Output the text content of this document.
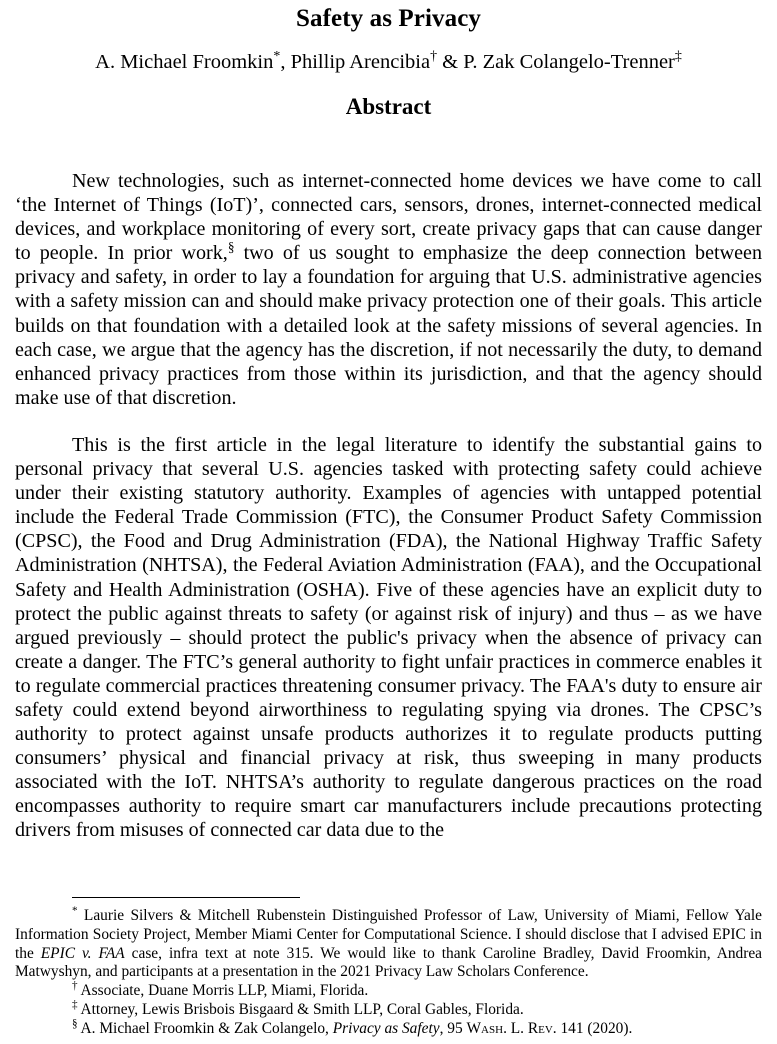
Safety as Privacy
A. Michael Froomkin*, Phillip Arencibia† & P. Zak Colangelo-Trenner‡
Abstract

New technologies, such as internet‐connected home devices we have come to call ‘the Internet of Things (IoT)’, connected cars, sensors, drones, internet‐connected medical devices, and workplace monitoring of every sort, create privacy gaps that can cause danger to people. In prior work,§ two of us sought to emphasize the deep connection between privacy and safety, in order to lay a foundation for arguing that U.S. administrative agencies with a safety mission can and should make privacy protection one of their goals. This article builds on that foundation with a detailed look at the safety missions of several agencies. In each case, we argue that the agency has the discretion, if not necessarily the duty, to demand enhanced privacy practices from those within its jurisdiction, and that the agency should make use of that discretion.

This is the first article in the legal literature to identify the substantial gains to personal privacy that several U.S. agencies tasked with protecting safety could achieve under their existing statutory authority. Examples of agencies with untapped potential include the Federal Trade Commission (FTC), the Consumer Product Safety Commission (CPSC), the Food and Drug Administration (FDA), the National Highway Traffic Safety Administration (NHTSA), the Federal Aviation Administration (FAA), and the Occupational Safety and Health Administration (OSHA). Five of these agencies have an explicit duty to protect the public against threats to safety (or against risk of injury) and thus – as we have argued previously – should protect the public's privacy when the absence of privacy can create a danger. The FTC’s general authority to fight unfair practices in commerce enables it to regulate commercial practices threatening consumer privacy. The FAA's duty to ensure air safety could extend beyond airworthiness to regulating spying via drones. The CPSC’s authority to protect against unsafe products authorizes it to regulate products putting consumers’ physical and financial privacy at risk, thus sweeping in many products associated with the IoT. NHTSA’s authority to regulate dangerous practices on the road encompasses authority to require smart car manufacturers include precautions protecting drivers from misuses of connected car data due to the

* Laurie Silvers & Mitchell Rubenstein Distinguished Professor of Law, University of Miami, Fellow Yale Information Society Project, Member Miami Center for Computational Science. I should disclose that I advised EPIC in the EPIC v. FAA case, infra text at note 315. We would like to thank Caroline Bradley, David Froomkin, Andrea Matwyshyn, and participants at a presentation in the 2021 Privacy Law Scholars Conference.

† Associate, Duane Morris LLP, Miami, Florida.

‡ Attorney, Lewis Brisbois Bisgaard & Smith LLP, Coral Gables, Florida.

§ A. Michael Froomkin & Zak Colangelo, Privacy as Safety, 95 Wash. L. Rev. 141 (2020).
